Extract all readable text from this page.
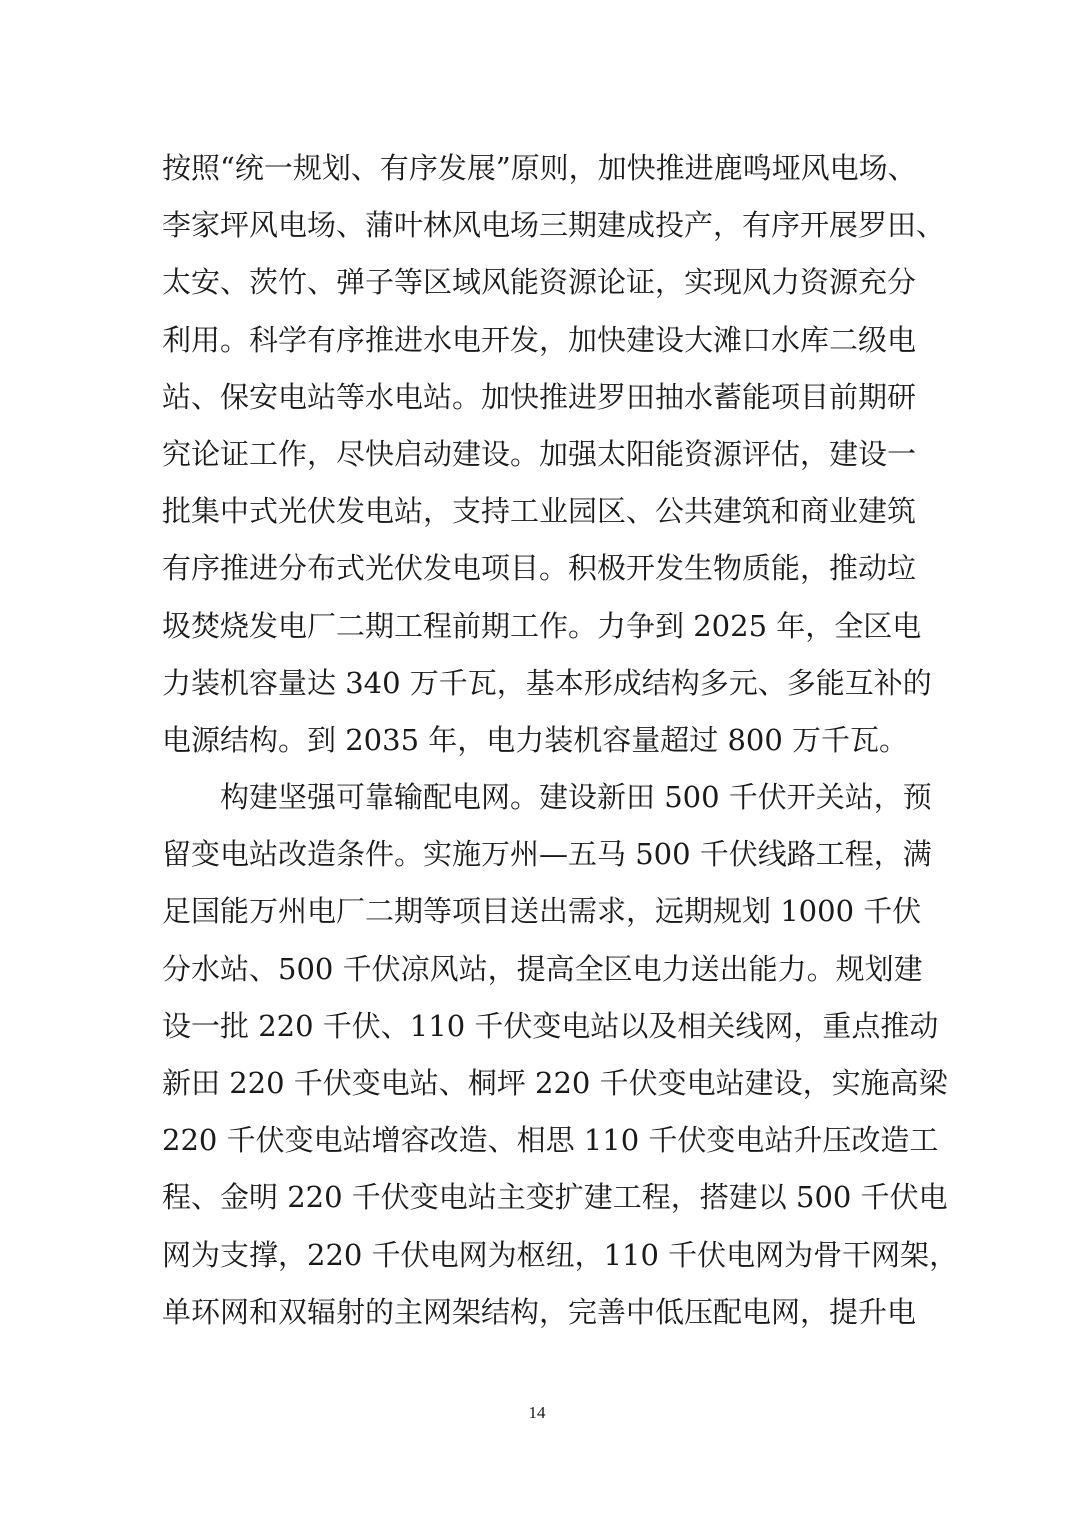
按照“统一规划、有序发展”原则，加快推进鹿鸣垭风电场、
李家坪风电场、蒲叶林风电场三期建成投产，有序开展罗田、
太安、茨竹、弹子等区域风能资源论证，实现风力资源充分
利用。科学有序推进水电开发，加快建设大滩口水库二级电
站、保安电站等水电站。加快推进罗田抽水蓄能项目前期研
究论证工作，尽快启动建设。加强太阳能资源评估，建设一
批集中式光伏发电站，支持工业园区、公共建筑和商业建筑
有序推进分布式光伏发电项目。积极开发生物质能，推动垃
圾焚烧发电厂二期工程前期工作。力争到 2025 年，全区电
力装机容量达 340 万千瓦，基本形成结构多元、多能互补的
电源结构。到 2035 年，电力装机容量超过 800 万千瓦。
构建坚强可靠输配电网。建设新田 500 千伏开关站，预
留变电站改造条件。实施万州—五马 500 千伏线路工程，满
足国能万州电厂二期等项目送出需求，远期规划 1000 千伏
分水站、500 千伏凉风站，提高全区电力送出能力。规划建
设一批 220 千伏、110 千伏变电站以及相关线网，重点推动
新田 220 千伏变电站、桐坪 220 千伏变电站建设，实施高梁
220 千伏变电站增容改造、相思 110 千伏变电站升压改造工
程、金明 220 千伏变电站主变扩建工程，搭建以 500 千伏电
网为支撑，220 千伏电网为枢纽，110 千伏电网为骨干网架，
单环网和双辐射的主网架结构，完善中低压配电网，提升电
14
